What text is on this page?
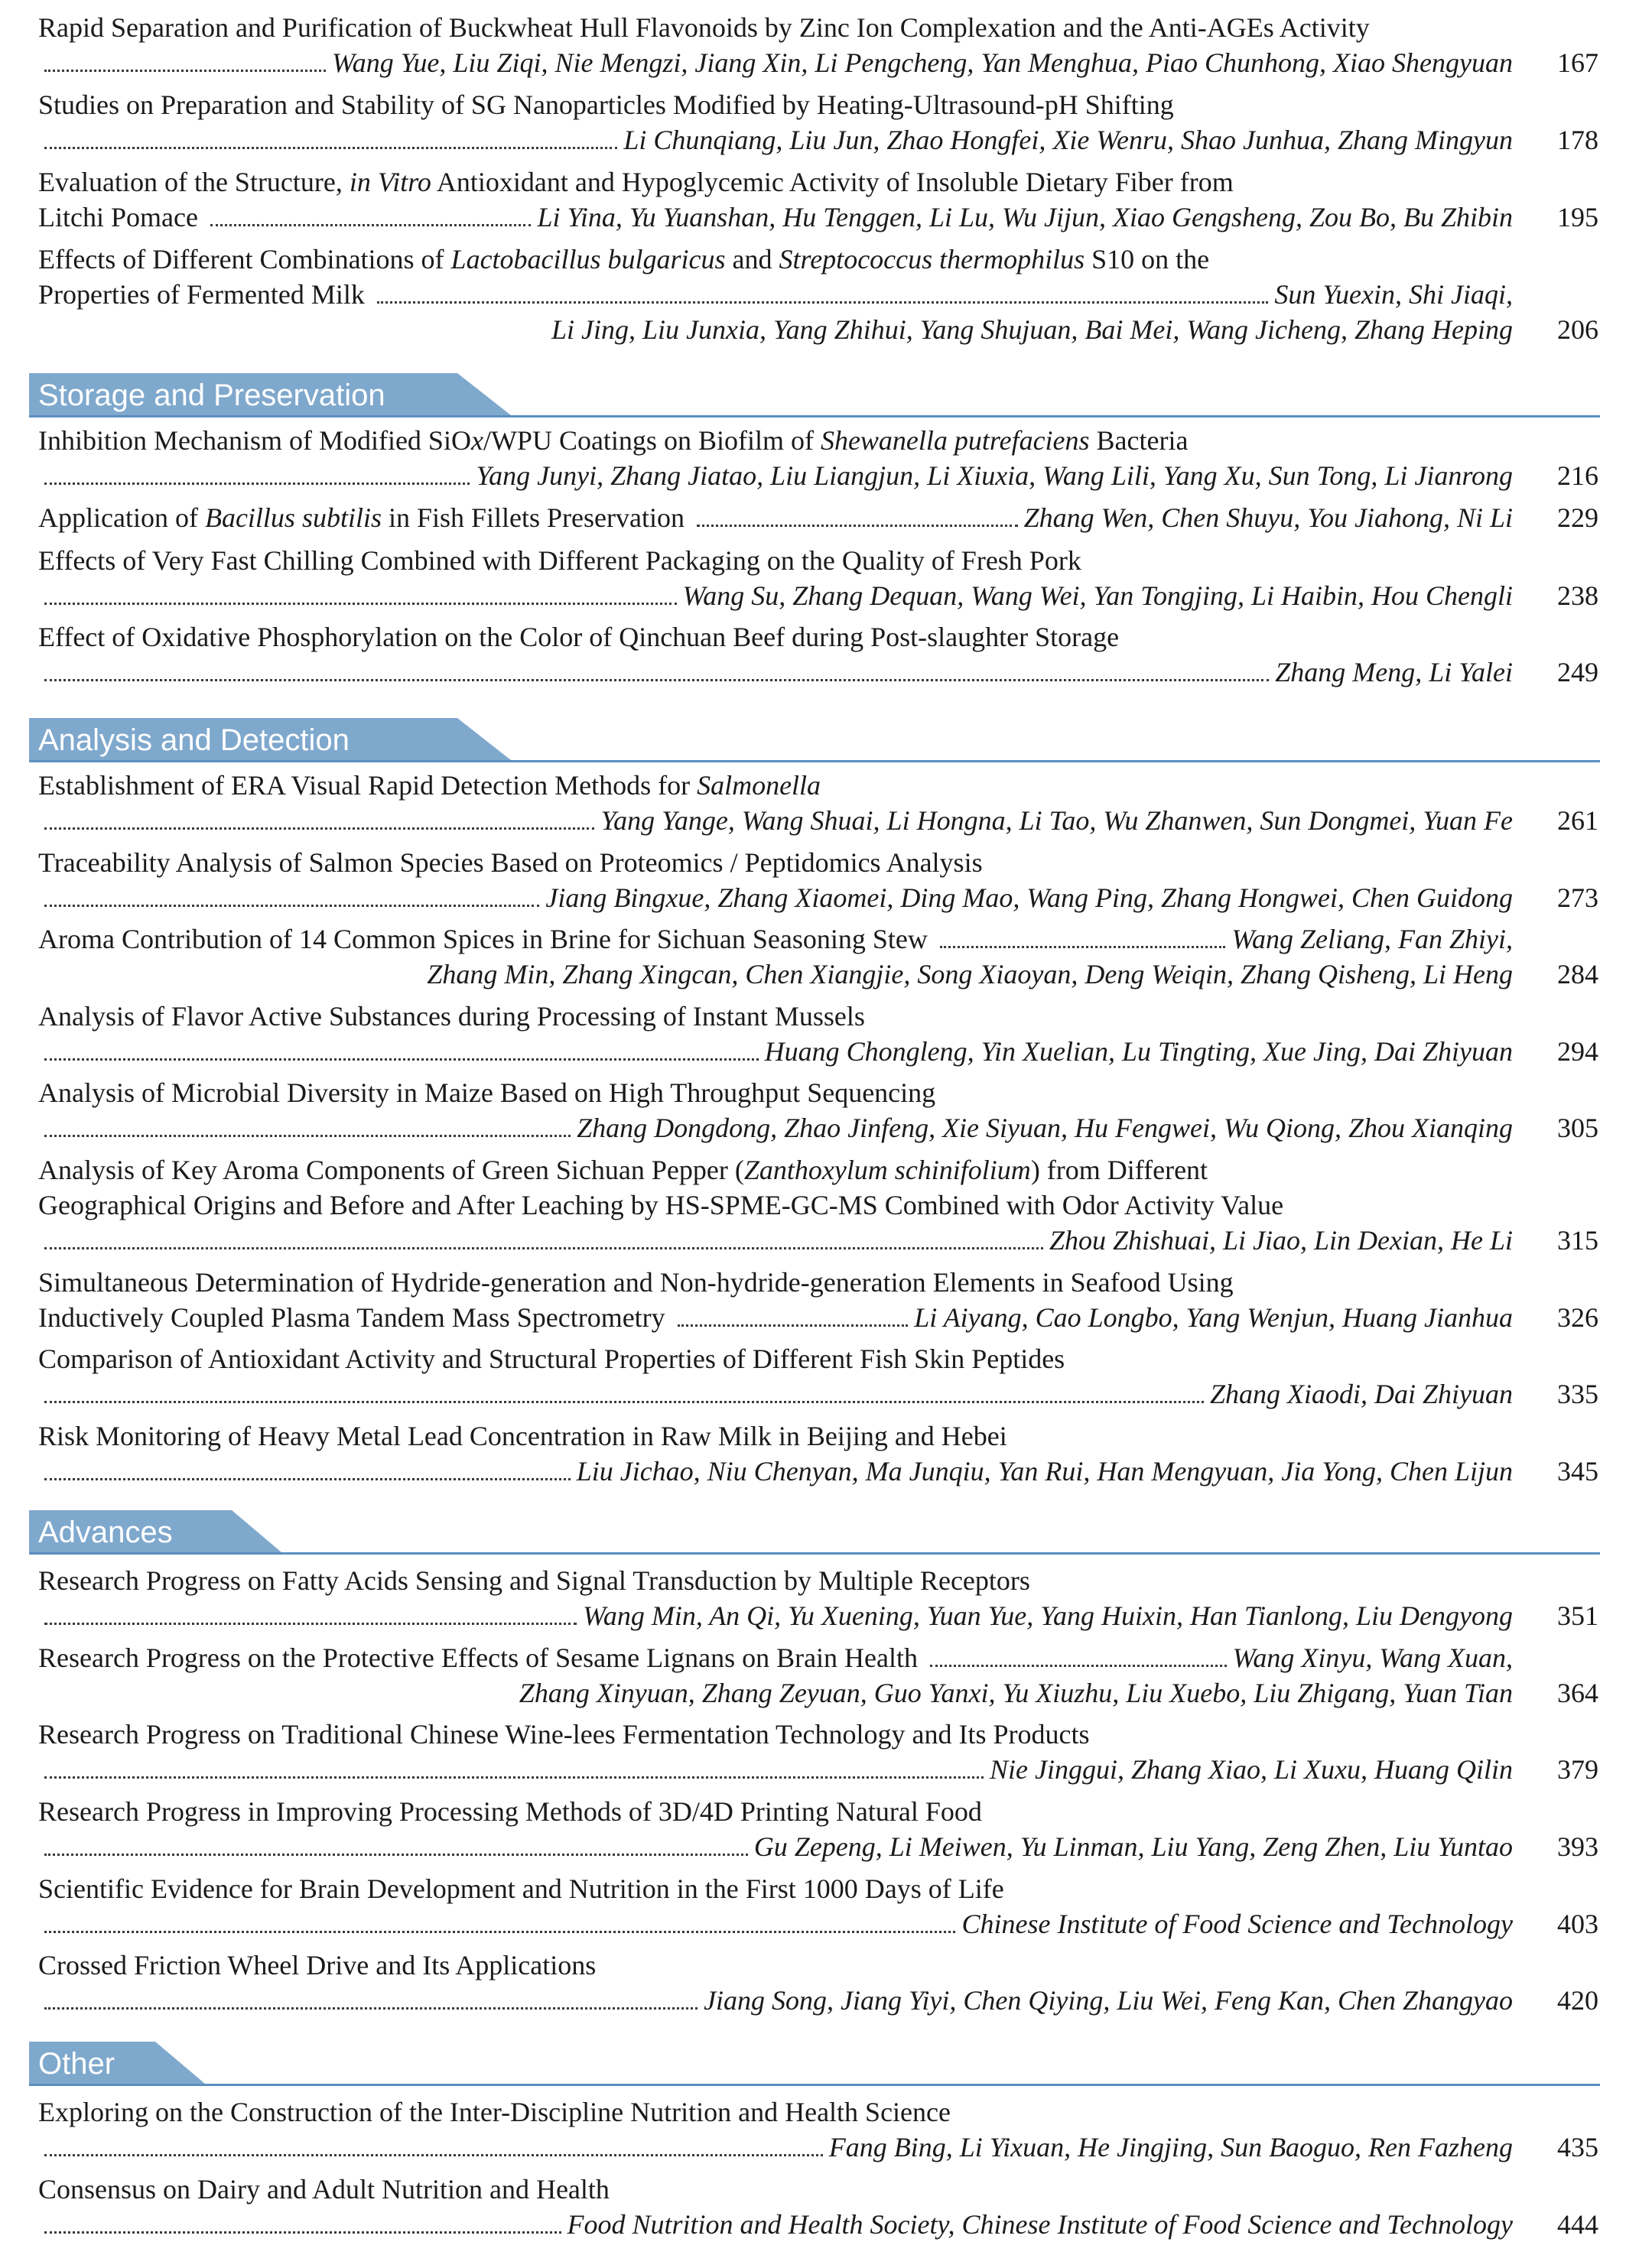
Rapid Separation and Purification of Buckwheat Hull Flavonoids by Zinc Ion Complexation and the Anti-AGEs Activity
Wang Yue, Liu Ziqi, Nie Mengzi, Jiang Xin, Li Pengcheng, Yan Menghua, Piao Chunhong, Xiao Shengyuan	167
Studies on Preparation and Stability of SG Nanoparticles Modified by Heating-Ultrasound-pH Shifting
Li Chunqiang, Liu Jun, Zhao Hongfei, Xie Wenru, Shao Junhua, Zhang Mingyun	178
Evaluation of the Structure, in Vitro Antioxidant and Hypoglycemic Activity of Insoluble Dietary Fiber from
Litchi Pomace	Li Yina, Yu Yuanshan, Hu Tenggen, Li Lu, Wu Jijun, Xiao Gengsheng, Zou Bo, Bu Zhibin	195
Effects of Different Combinations of Lactobacillus bulgaricus and Streptococcus thermophilus S10 on the
Properties of Fermented Milk	Sun Yuexin, Shi Jiaqi,
Li Jing, Liu Junxia, Yang Zhihui, Yang Shujuan, Bai Mei, Wang Jicheng, Zhang Heping	206
Storage and Preservation
Inhibition Mechanism of Modified SiOx/WPU Coatings on Biofilm of Shewanella putrefaciens Bacteria
Yang Junyi, Zhang Jiatao, Liu Liangjun, Li Xiuxia, Wang Lili, Yang Xu, Sun Tong, Li Jianrong	216
Application of Bacillus subtilis in Fish Fillets Preservation	Zhang Wen, Chen Shuyu, You Jiahong, Ni Li	229
Effects of Very Fast Chilling Combined with Different Packaging on the Quality of Fresh Pork
Wang Su, Zhang Dequan, Wang Wei, Yan Tongjing, Li Haibin, Hou Chengli	238
Effect of Oxidative Phosphorylation on the Color of Qinchuan Beef during Post-slaughter Storage
Zhang Meng, Li Yalei	249
Analysis and Detection
Establishment of ERA Visual Rapid Detection Methods for Salmonella
Yang Yange, Wang Shuai, Li Hongna, Li Tao, Wu Zhanwen, Sun Dongmei, Yuan Fe	261
Traceability Analysis of Salmon Species Based on Proteomics / Peptidomics Analysis
Jiang Bingxue, Zhang Xiaomei, Ding Mao, Wang Ping, Zhang Hongwei, Chen Guidong	273
Aroma Contribution of 14 Common Spices in Brine for Sichuan Seasoning Stew	Wang Zeliang, Fan Zhiyi,
Zhang Min, Zhang Xingcan, Chen Xiangjie, Song Xiaoyan, Deng Weiqin, Zhang Qisheng, Li Heng	284
Analysis of Flavor Active Substances during Processing of Instant Mussels
Huang Chongleng, Yin Xuelian, Lu Tingting, Xue Jing, Dai Zhiyuan	294
Analysis of Microbial Diversity in Maize Based on High Throughput Sequencing
Zhang Dongdong, Zhao Jinfeng, Xie Siyuan, Hu Fengwei, Wu Qiong, Zhou Xianqing	305
Analysis of Key Aroma Components of Green Sichuan Pepper (Zanthoxylum schinifolium) from Different
Geographical Origins and Before and After Leaching by HS-SPME-GC-MS Combined with Odor Activity Value
Zhou Zhishuai, Li Jiao, Lin Dexian, He Li	315
Simultaneous Determination of Hydride-generation and Non-hydride-generation Elements in Seafood Using
Inductively Coupled Plasma Tandem Mass Spectrometry	Li Aiyang, Cao Longbo, Yang Wenjun, Huang Jianhua	326
Comparison of Antioxidant Activity and Structural Properties of Different Fish Skin Peptides
Zhang Xiaodi, Dai Zhiyuan	335
Risk Monitoring of Heavy Metal Lead Concentration in Raw Milk in Beijing and Hebei
Liu Jichao, Niu Chenyan, Ma Junqiu, Yan Rui, Han Mengyuan, Jia Yong, Chen Lijun	345
Advances
Research Progress on Fatty Acids Sensing and Signal Transduction by Multiple Receptors
Wang Min, An Qi, Yu Xuening, Yuan Yue, Yang Huixin, Han Tianlong, Liu Dengyong	351
Research Progress on the Protective Effects of Sesame Lignans on Brain Health	Wang Xinyu, Wang Xuan,
Zhang Xinyuan, Zhang Zeyuan, Guo Yanxi, Yu Xiuzhu, Liu Xuebo, Liu Zhigang, Yuan Tian	364
Research Progress on Traditional Chinese Wine-lees Fermentation Technology and Its Products
Nie Jinggui, Zhang Xiao, Li Xuxu, Huang Qilin	379
Research Progress in Improving Processing Methods of 3D/4D Printing Natural Food
Gu Zepeng, Li Meiwen, Yu Linman, Liu Yang, Zeng Zhen, Liu Yuntao	393
Scientific Evidence for Brain Development and Nutrition in the First 1000 Days of Life
Chinese Institute of Food Science and Technology	403
Crossed Friction Wheel Drive and Its Applications
Jiang Song, Jiang Yiyi, Chen Qiying, Liu Wei, Feng Kan, Chen Zhangyao	420
Other
Exploring on the Construction of the Inter-Discipline Nutrition and Health Science
Fang Bing, Li Yixuan, He Jingjing, Sun Baoguo, Ren Fazheng	435
Consensus on Dairy and Adult Nutrition and Health
Food Nutrition and Health Society, Chinese Institute of Food Science and Technology	444
